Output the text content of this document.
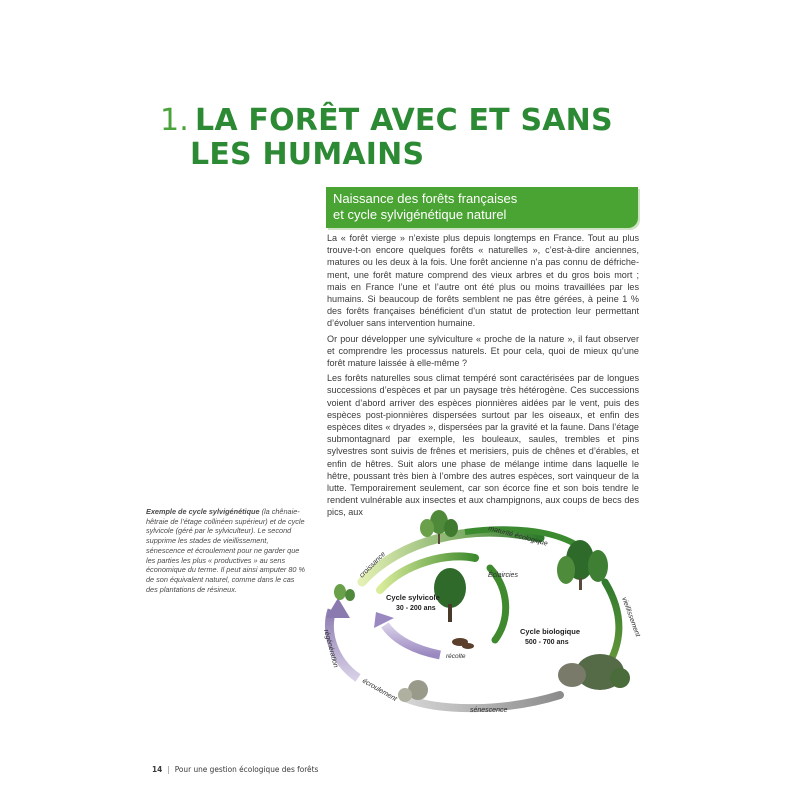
1. LA FORÊT AVEC ET SANS
LES HUMAINS
Naissance des forêts françaises
et cycle sylvigénétique naturel

La « forêt vierge » n’existe plus depuis longtemps en France. Tout au plus trouve-t-on encore quelques forêts « naturelles », c’est-à-dire anciennes, matures ou les deux à la fois. Une forêt ancienne n’a pas connu de défrichement, une forêt mature comprend des vieux arbres et du gros bois mort ; mais en France l’une et l’autre ont été plus ou moins travaillées par les humains. Si beaucoup de forêts semblent ne pas être gérées, à peine 1 % des forêts françaises bénéficient d’un statut de protection leur permettant d’évoluer sans intervention humaine.

Or pour développer une sylviculture « proche de la nature », il faut observer et comprendre les processus naturels. Et pour cela, quoi de mieux qu’une forêt mature laissée à elle-même ?

Les forêts naturelles sous climat tempéré sont caractérisées par de longues successions d’espèces et par un paysage très hétérogène. Ces successions voient d’abord arriver des espèces pionnières aidées par le vent, puis des espèces post-pionnières dispersées surtout par les oiseaux, et enfin des espèces dites « dryades », dispersées par la gravité et la faune. Dans l’étage submontagnard par exemple, les bouleaux, saules, trembles et pins sylvestres sont suivis de frênes et merisiers, puis de chênes et d’érables, et enfin de hêtres. Suit alors une phase de mélange intime dans laquelle le hêtre, poussant très bien à l’ombre des autres espèces, sort vainqueur de la lutte. Temporairement seulement, car son écorce fine et son bois tendre le rendent vulnérable aux insectes et aux champignons, aux coups de becs des pics, aux

Exemple de cycle sylvigénétique (la chênaie-hêtraie de l’étage collinéen supérieur) et de cycle sylvicole (géré par le sylviculteur). Le second supprime les stades de vieillissement, sénescence et écroulement pour ne garder que les parties les plus « productives » au sens économique du terme. Il peut ainsi amputer 80 % de son équivalent naturel, comme dans le cas des plantations de résineux.
maturité écologique
Éclaircies
croissance
vieillissement
régénération	récolte
écroulement
sénescence
Cycle sylvicole
30 - 200 ans
Cycle biologique
500 - 700 ans
14 | Pour une gestion écologique des forêts
